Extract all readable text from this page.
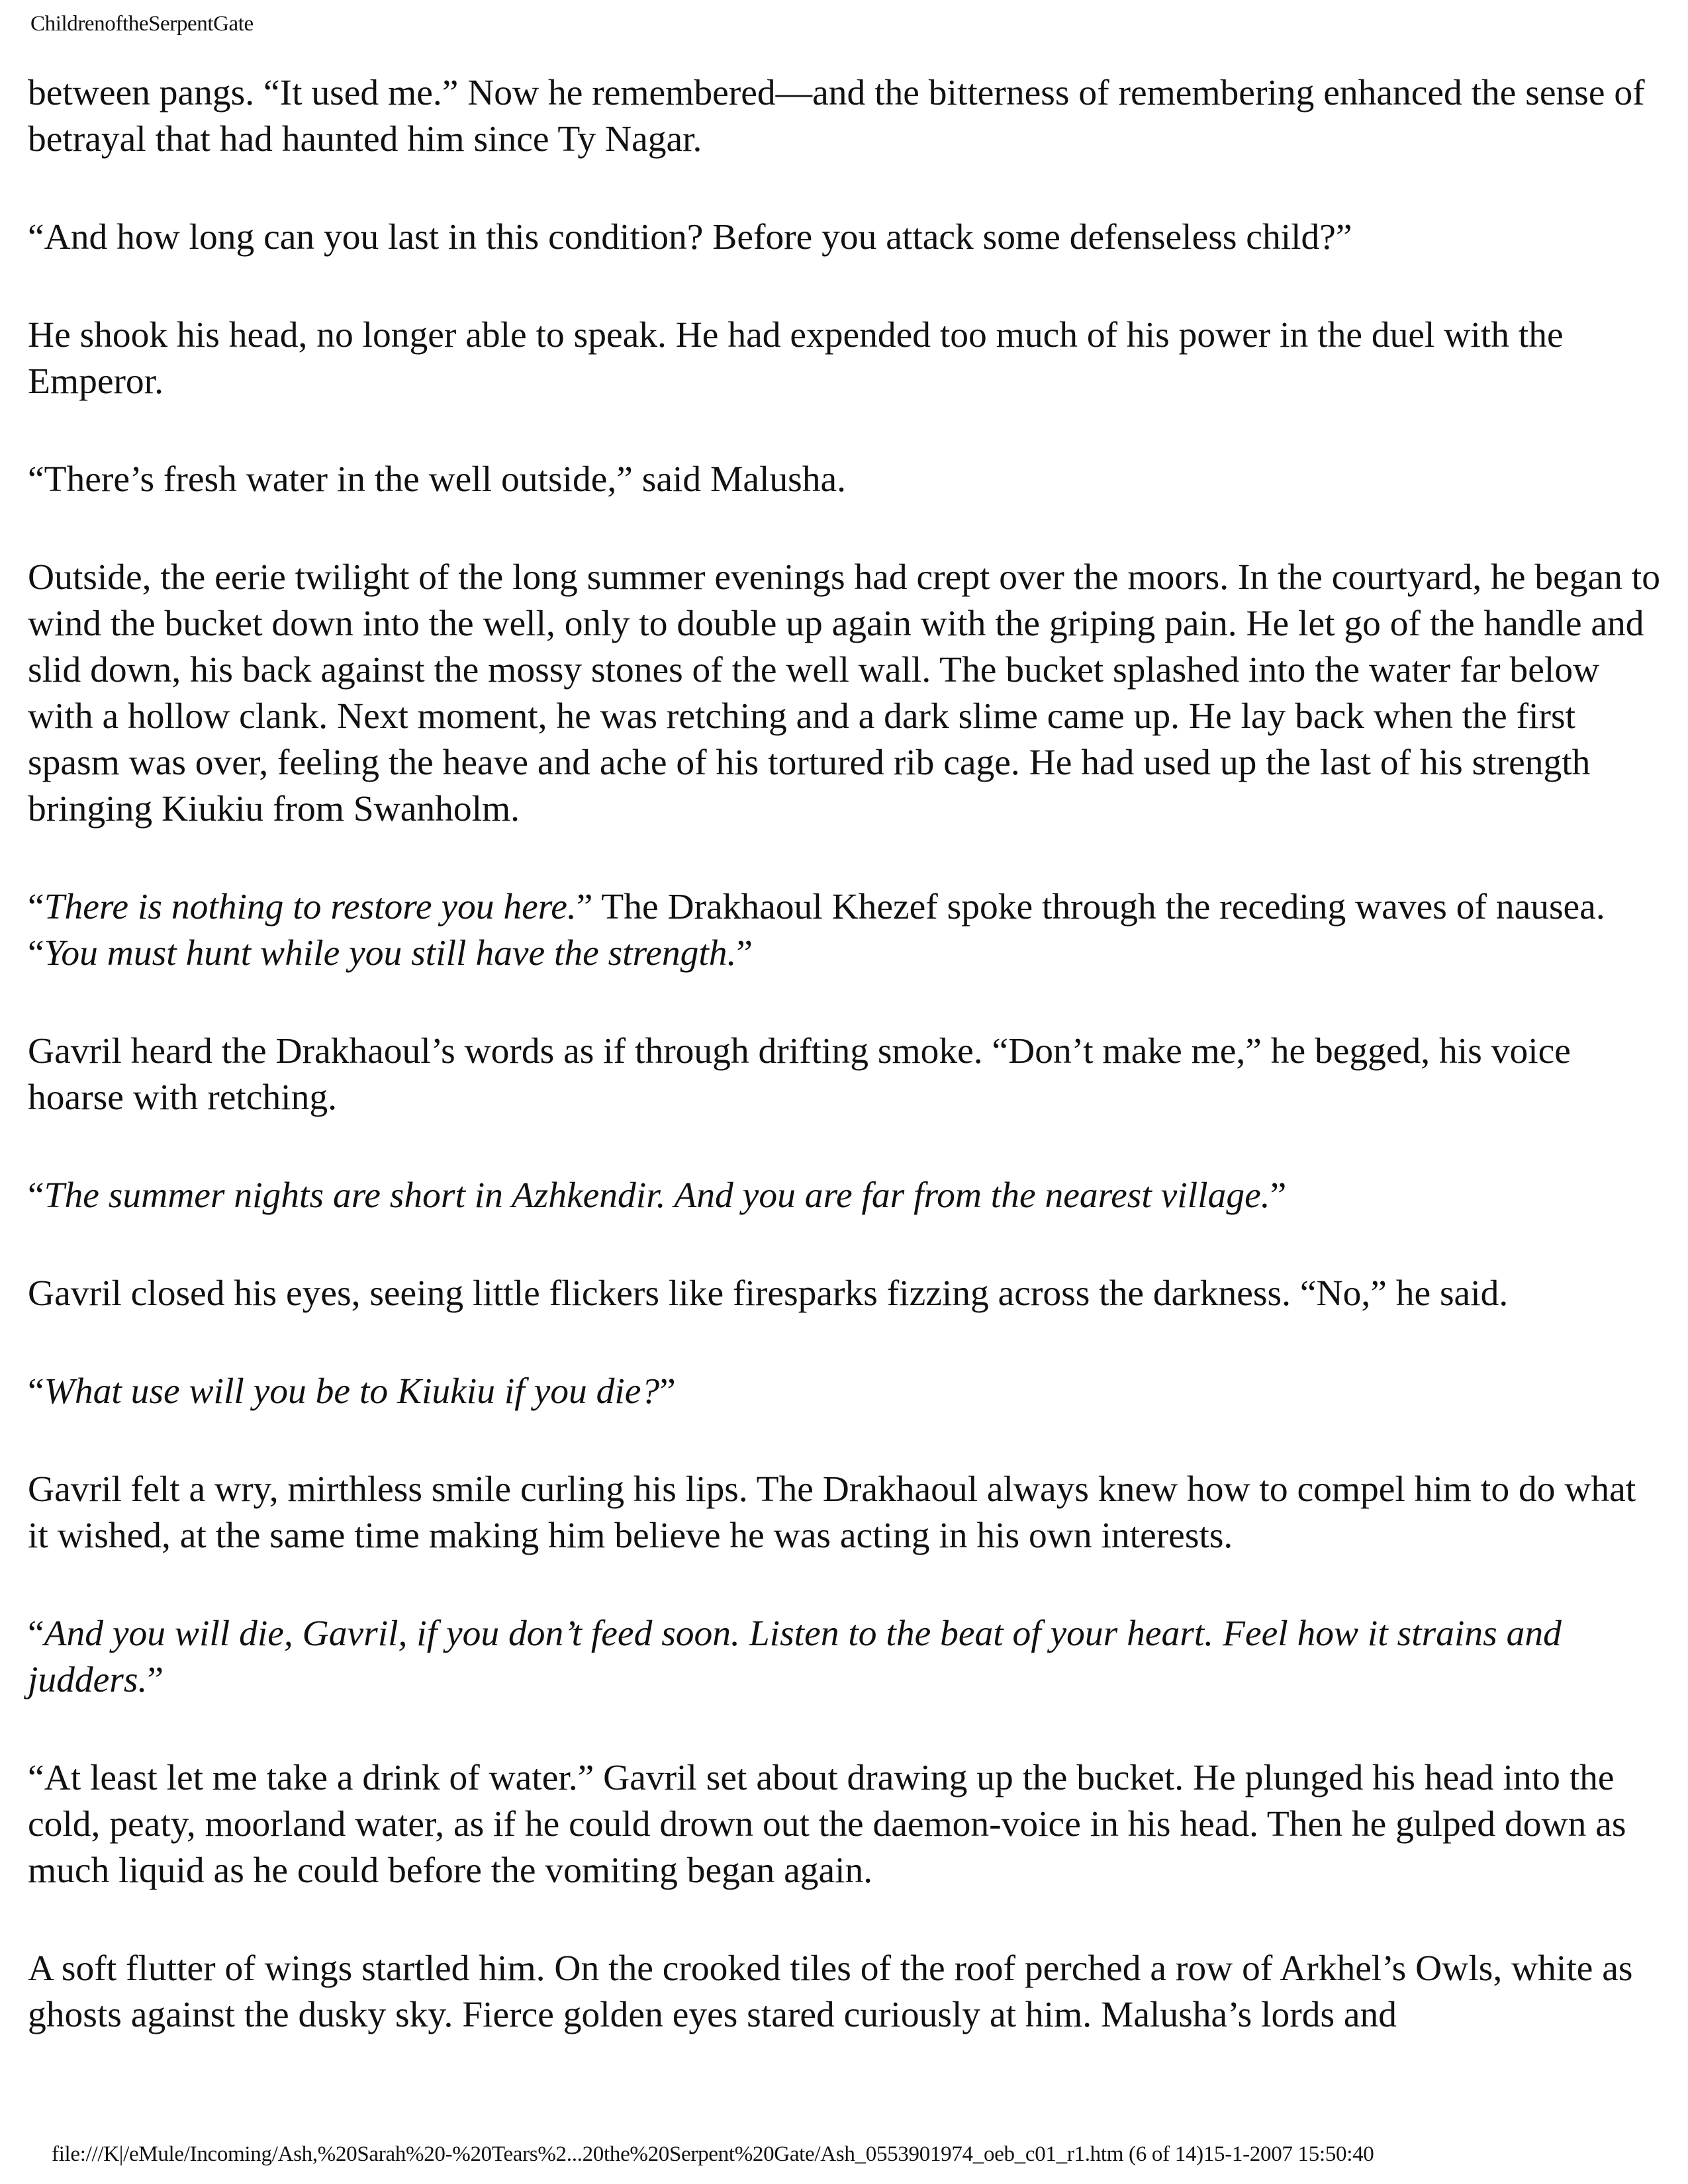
ChildrenoftheSerpentGate

between pangs. “It used me.” Now he remembered—and the bitterness of remembering enhanced the sense of betrayal that had haunted him since Ty Nagar.

“And how long can you last in this condition? Before you attack some defenseless child?”

He shook his head, no longer able to speak. He had expended too much of his power in the duel with the Emperor.

“There’s fresh water in the well outside,” said Malusha.

Outside, the eerie twilight of the long summer evenings had crept over the moors. In the courtyard, he began to wind the bucket down into the well, only to double up again with the griping pain. He let go of the handle and slid down, his back against the mossy stones of the well wall. The bucket splashed into the water far below with a hollow clank. Next moment, he was retching and a dark slime came up. He lay back when the first spasm was over, feeling the heave and ache of his tortured rib cage. He had used up the last of his strength bringing Kiukiu from Swanholm.

“There is nothing to restore you here.” The Drakhaoul Khezef spoke through the receding waves of nausea. “You must hunt while you still have the strength.”

Gavril heard the Drakhaoul’s words as if through drifting smoke. “Don’t make me,” he begged, his voice hoarse with retching.

“The summer nights are short in Azhkendir. And you are far from the nearest village.”

Gavril closed his eyes, seeing little flickers like firesparks fizzing across the darkness. “No,” he said.

“What use will you be to Kiukiu if you die?”

Gavril felt a wry, mirthless smile curling his lips. The Drakhaoul always knew how to compel him to do what it wished, at the same time making him believe he was acting in his own interests.

“And you will die, Gavril, if you don’t feed soon. Listen to the beat of your heart. Feel how it strains and judders.”

“At least let me take a drink of water.” Gavril set about drawing up the bucket. He plunged his head into the cold, peaty, moorland water, as if he could drown out the daemon-voice in his head. Then he gulped down as much liquid as he could before the vomiting began again.

A soft flutter of wings startled him. On the crooked tiles of the roof perched a row of Arkhel’s Owls, white as ghosts against the dusky sky. Fierce golden eyes stared curiously at him. Malusha’s lords and

file:///K|/eMule/Incoming/Ash,%20Sarah%20-%20Tears%2...20the%20Serpent%20Gate/Ash_0553901974_oeb_c01_r1.htm (6 of 14)15-1-2007 15:50:40
